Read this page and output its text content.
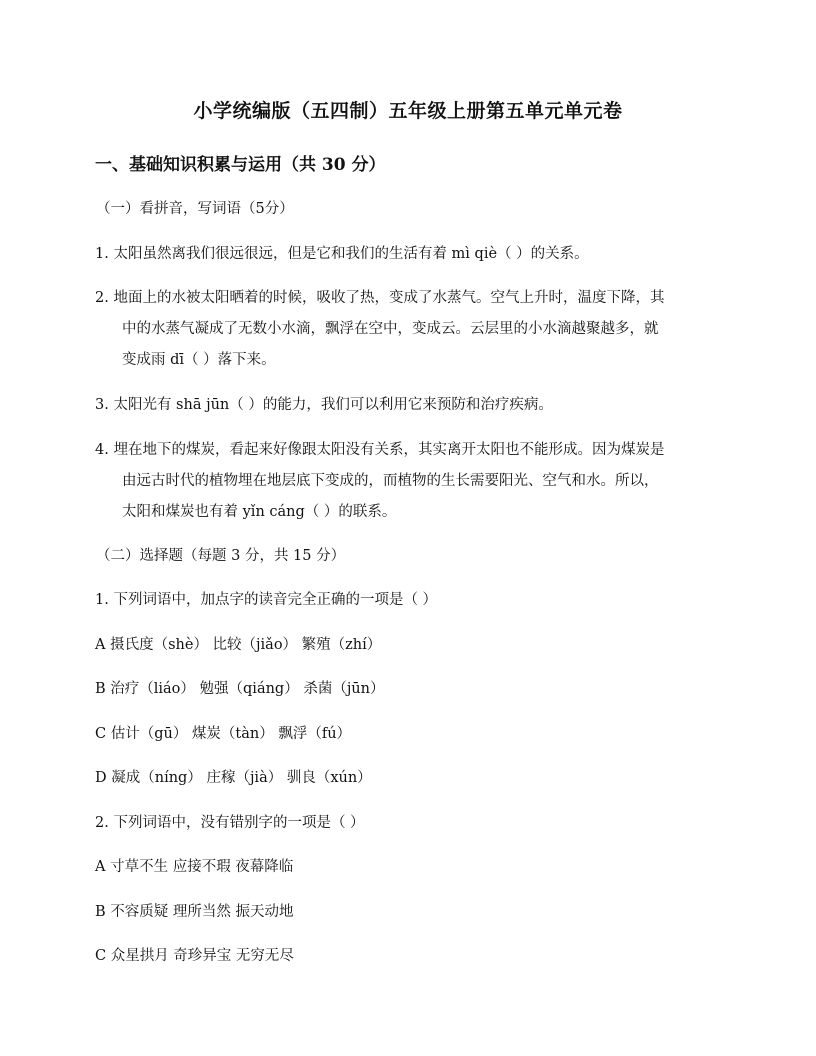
小学统编版（五四制）五年级上册第五单元单元卷
一、基础知识积累与运用（共 30 分）
（一）看拼音，写词语（5分）
1. 太阳虽然离我们很远很远，但是它和我们的生活有着 mì qiè（ ）的关系。
2. 地面上的水被太阳晒着的时候，吸收了热，变成了水蒸气。空气上升时，温度下降，其
中的水蒸气凝成了无数小水滴，飘浮在空中，变成云。云层里的小水滴越聚越多，就
变成雨 dī（ ）落下来。
3. 太阳光有 shā jūn（ ）的能力，我们可以利用它来预防和治疗疾病。
4. 埋在地下的煤炭，看起来好像跟太阳没有关系，其实离开太阳也不能形成。因为煤炭是
由远古时代的植物埋在地层底下变成的，而植物的生长需要阳光、空气和水。所以，
太阳和煤炭也有着 yǐn cáng（ ）的联系。
（二）选择题（每题 3 分，共 15 分）
1. 下列词语中，加点字的读音完全正确的一项是（ ）
A 摄氏度（shè） 比较（jiǎo） 繁殖（zhí）
B 治疗（liáo） 勉强（qiáng） 杀菌（jūn）
C 估计（gū） 煤炭（tàn） 飘浮（fú）
D 凝成（níng） 庄稼（jià） 驯良（xún）
2. 下列词语中，没有错别字的一项是（ ）
A 寸草不生 应接不瑕 夜幕降临
B 不容质疑 理所当然 振天动地
C 众星拱月 奇珍异宝 无穷无尽
